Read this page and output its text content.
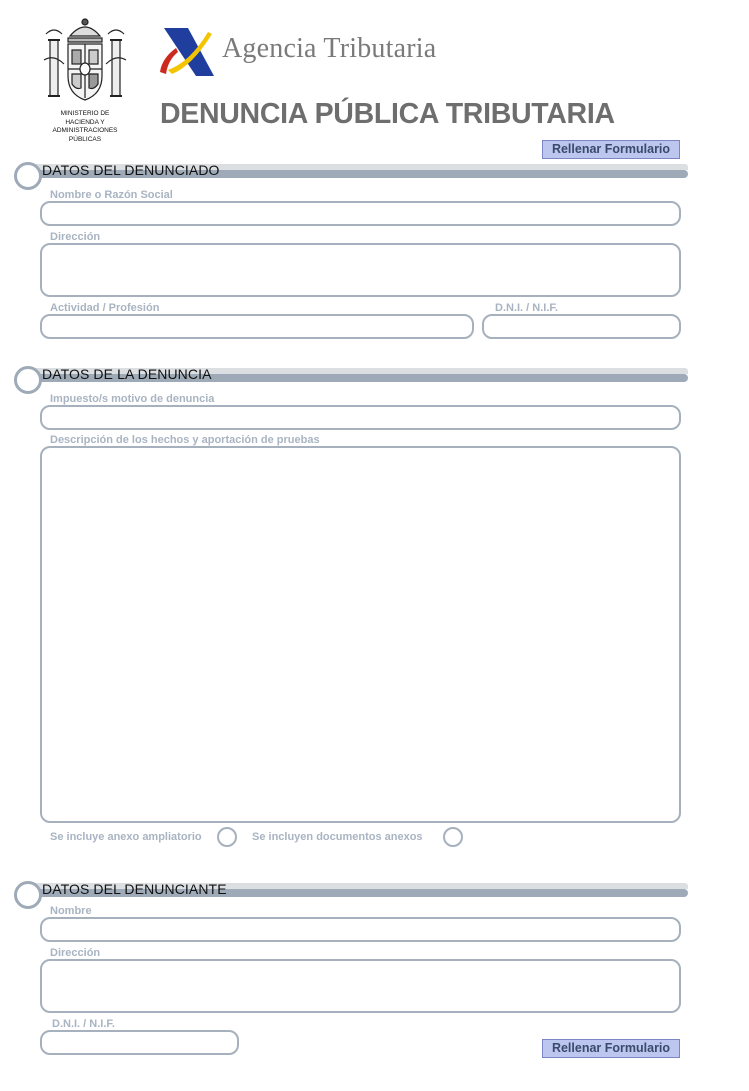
MINISTERIO DE
HACIENDA Y
ADMINISTRACIONES
PÚBLICAS
Agencia Tributaria
DENUNCIA PÚBLICA TRIBUTARIA
Rellenar Formulario
DATOS DEL DENUNCIADO
Nombre o Razón Social
Dirección
Actividad / Profesión	D.N.I. / N.I.F.
DATOS DE LA DENUNCIA
Impuesto/s motivo de denuncia
Descripción de los hechos y aportación de pruebas
Se incluye anexo ampliatorio	Se incluyen documentos anexos
DATOS DEL DENUNCIANTE
Nombre
Dirección
D.N.I. / N.I.F.
Rellenar Formulario
